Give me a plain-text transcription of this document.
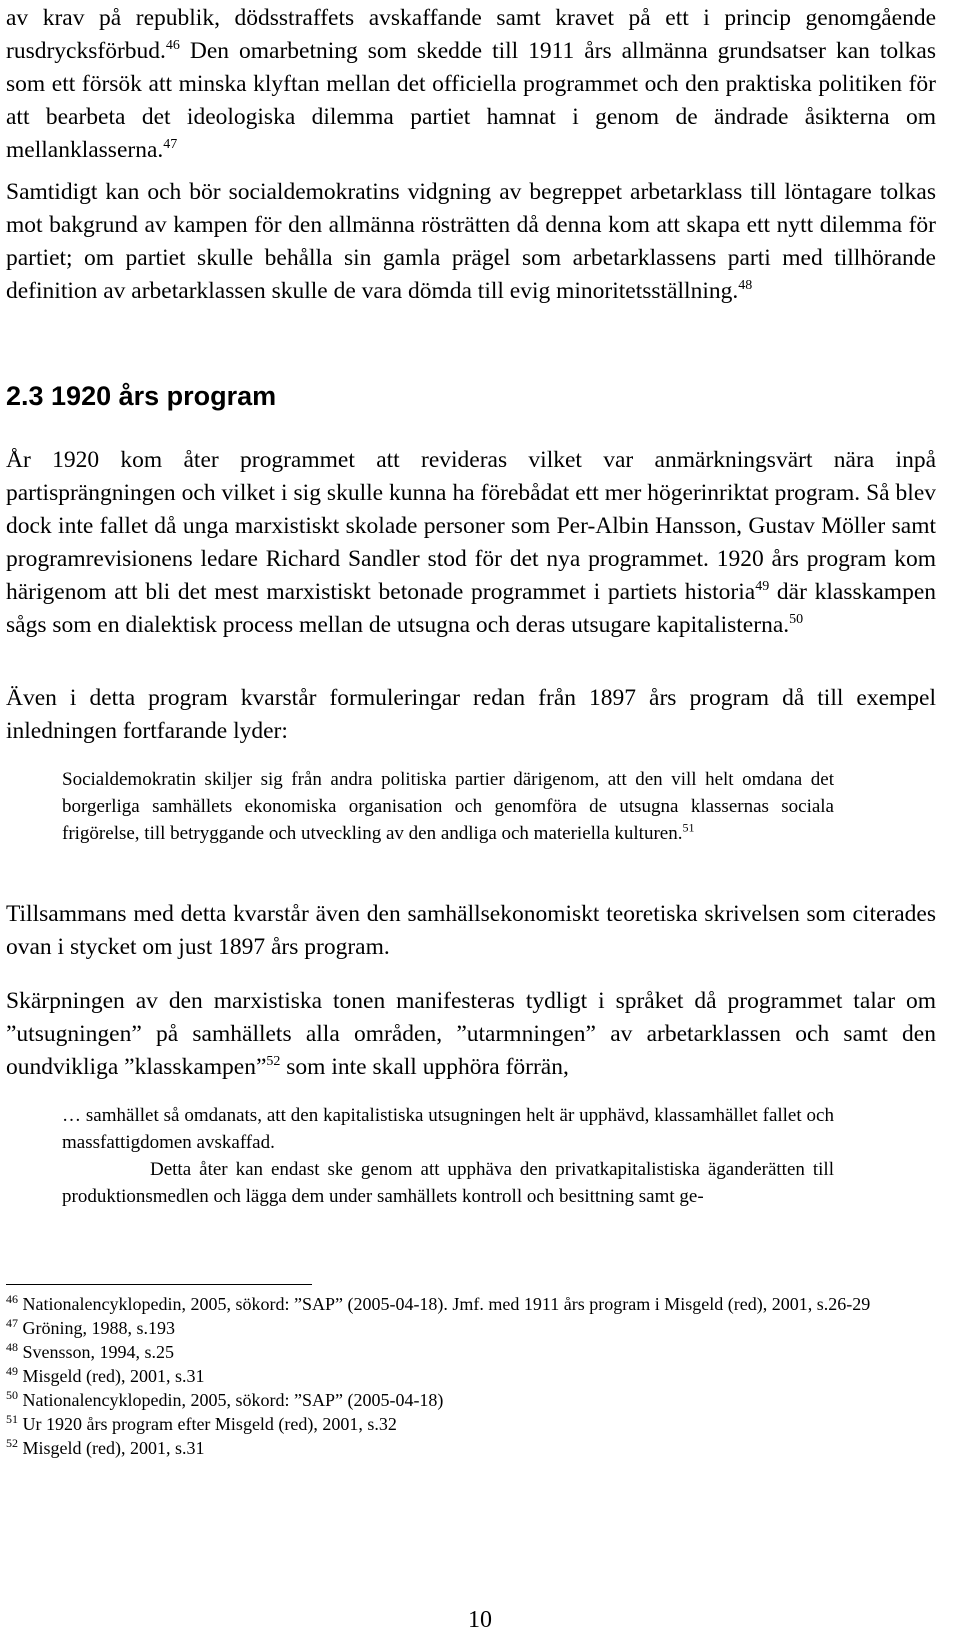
av krav på republik, dödsstraffets avskaffande samt kravet på ett i princip genomgående rusdrycksförbud.$^{46}$ Den omarbetning som skedde till 1911 års allmänna grundsatser kan tolkas som ett försök att minska klyftan mellan det officiella programmet och den praktiska politiken för att bearbeta det ideologiska dilemma partiet hamnat i genom de ändrade åsikterna om mellanklasserna.$^{47}$

Samtidigt kan och bör socialdemokratins vidgning av begreppet arbetarklass till löntagare tolkas mot bakgrund av kampen för den allmänna rösträtten då denna kom att skapa ett nytt dilemma för partiet; om partiet skulle behålla sin gamla prägel som arbetarklassens parti med tillhörande definition av arbetarklassen skulle de vara dömda till evig minoritetsställning.$^{48}$

2.3 1920 års program

År 1920 kom åter programmet att revideras vilket var anmärkningsvärt nära inpå partisprängningen och vilket i sig skulle kunna ha förebådat ett mer högerinriktat program. Så blev dock inte fallet då unga marxistiskt skolade personer som Per-Albin Hansson, Gustav Möller samt programrevisionens ledare Richard Sandler stod för det nya programmet. 1920 års program kom härigenom att bli det mest marxistiskt betonade programmet i partiets historia$^{49}$ där klasskampen sågs som en dialektisk process mellan de utsugna och deras utsugare kapitalisterna.$^{50}$

Även i detta program kvarstår formuleringar redan från 1897 års program då till exempel inledningen fortfarande lyder:

Socialdemokratin skiljer sig från andra politiska partier därigenom, att den vill helt omdana det borgerliga samhällets ekonomiska organisation och genomföra de utsugna klassernas sociala frigörelse, till betryggande och utveckling av den andliga och materiella kulturen.$^{51}$

Tillsammans med detta kvarstår även den samhällsekonomiskt teoretiska skrivelsen som citerades ovan i stycket om just 1897 års program.

Skärpningen av den marxistiska tonen manifesteras tydligt i språket då programmet talar om ”utsugningen” på samhällets alla områden, ”utarmningen” av arbetarklassen och samt den oundvikliga ”klasskampen”$^{52}$ som inte skall upphöra förrän,

… samhället så omdanats, att den kapitalistiska utsugningen helt är upphävd, klassamhället fallet och massfattigdomen avskaffad.

Detta åter kan endast ske genom att upphäva den privatkapitalistiska äganderätten till produktionsmedlen och lägga dem under samhällets kontroll och besittning samt ge-

$^{46}$ Nationalencyklopedin, 2005, sökord: ”SAP” (2005-04-18). Jmf. med 1911 års program i Misgeld (red), 2001, s.26-29

$^{47}$ Gröning, 1988, s.193

$^{48}$ Svensson, 1994, s.25

$^{49}$ Misgeld (red), 2001, s.31

$^{50}$ Nationalencyklopedin, 2005, sökord: ”SAP” (2005-04-18)

$^{51}$ Ur 1920 års program efter Misgeld (red), 2001, s.32

$^{52}$ Misgeld (red), 2001, s.31

10
